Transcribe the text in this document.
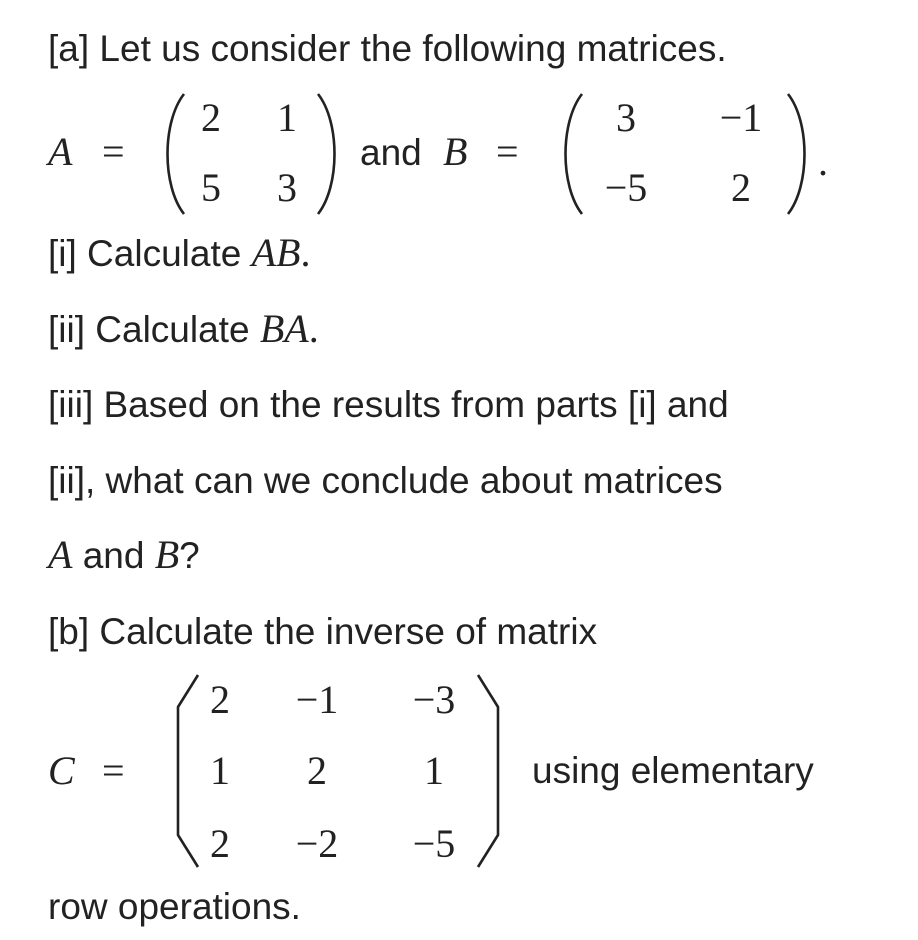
[a] Let us consider the following matrices.
A =
2	1
5	3
and B =
3	−1
−5	2
.
[i] Calculate AB.
[ii] Calculate BA.
[iii] Based on the results from parts [i] and
[ii], what can we conclude about matrices
A and B?
[b] Calculate the inverse of matrix
C =
2	−1	−3
1	2	1
2	−2	−5
using elementary
row operations.
